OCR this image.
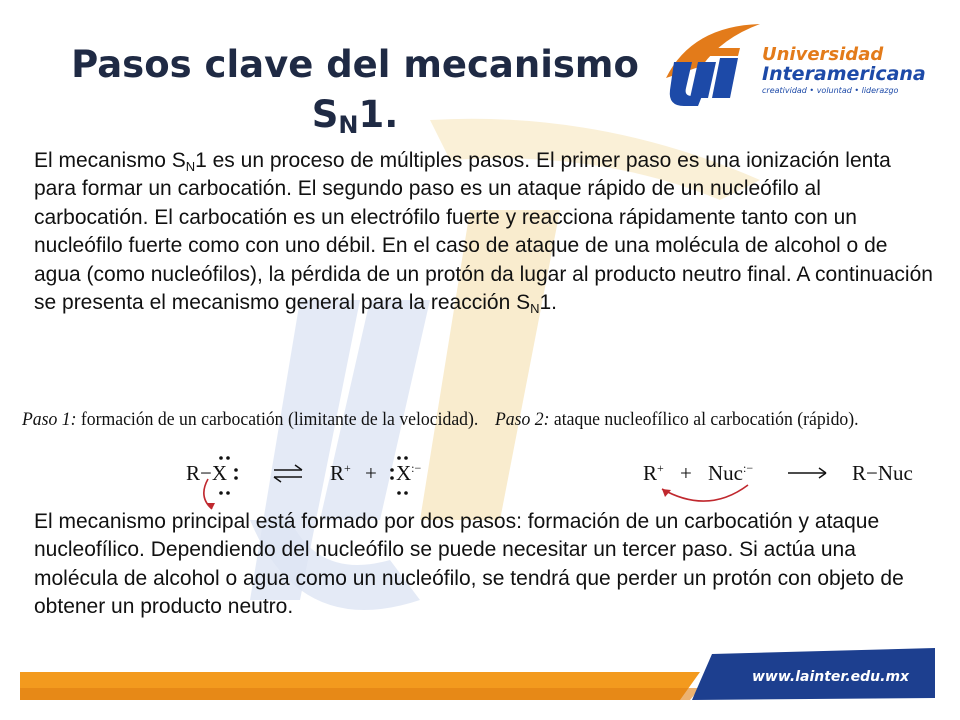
Pasos clave del mecanismo
$S_N1$.
Universidad
Interamericana
creatividad • voluntad • liderazgo

El mecanismo $S_N1$ es un proceso de múltiples pasos. El primer paso es una ionización lenta para formar un carbocatión. El segundo paso es un ataque rápido de un nucleófilo al carbocatión. El carbocatión es un electrófilo fuerte y reacciona rápidamente tanto con un nucleófilo fuerte como con uno débil. En el caso de ataque de una molécula de alcohol o de agua (como nucleófilos), la pérdida de un protón da lugar al producto neutro final. A continuación se presenta el mecanismo general para la reacción $S_N1$.

Paso 1: formación de un carbocatión (limitante de la velocidad). Paso 2: ataque nucleofílico al carbocatión (rápido).
R−X	⇌ R+ + X:−	R+ + Nuc:− → R−Nuc

El mecanismo principal está formado por dos pasos: formación de un carbocatión y ataque nucleofílico. Dependiendo del nucleófilo se puede necesitar un tercer paso. Si actúa una molécula de alcohol o agua como un nucleófilo, se tendrá que perder un protón con objeto de obtener un producto neutro.

www.lainter.edu.mx
